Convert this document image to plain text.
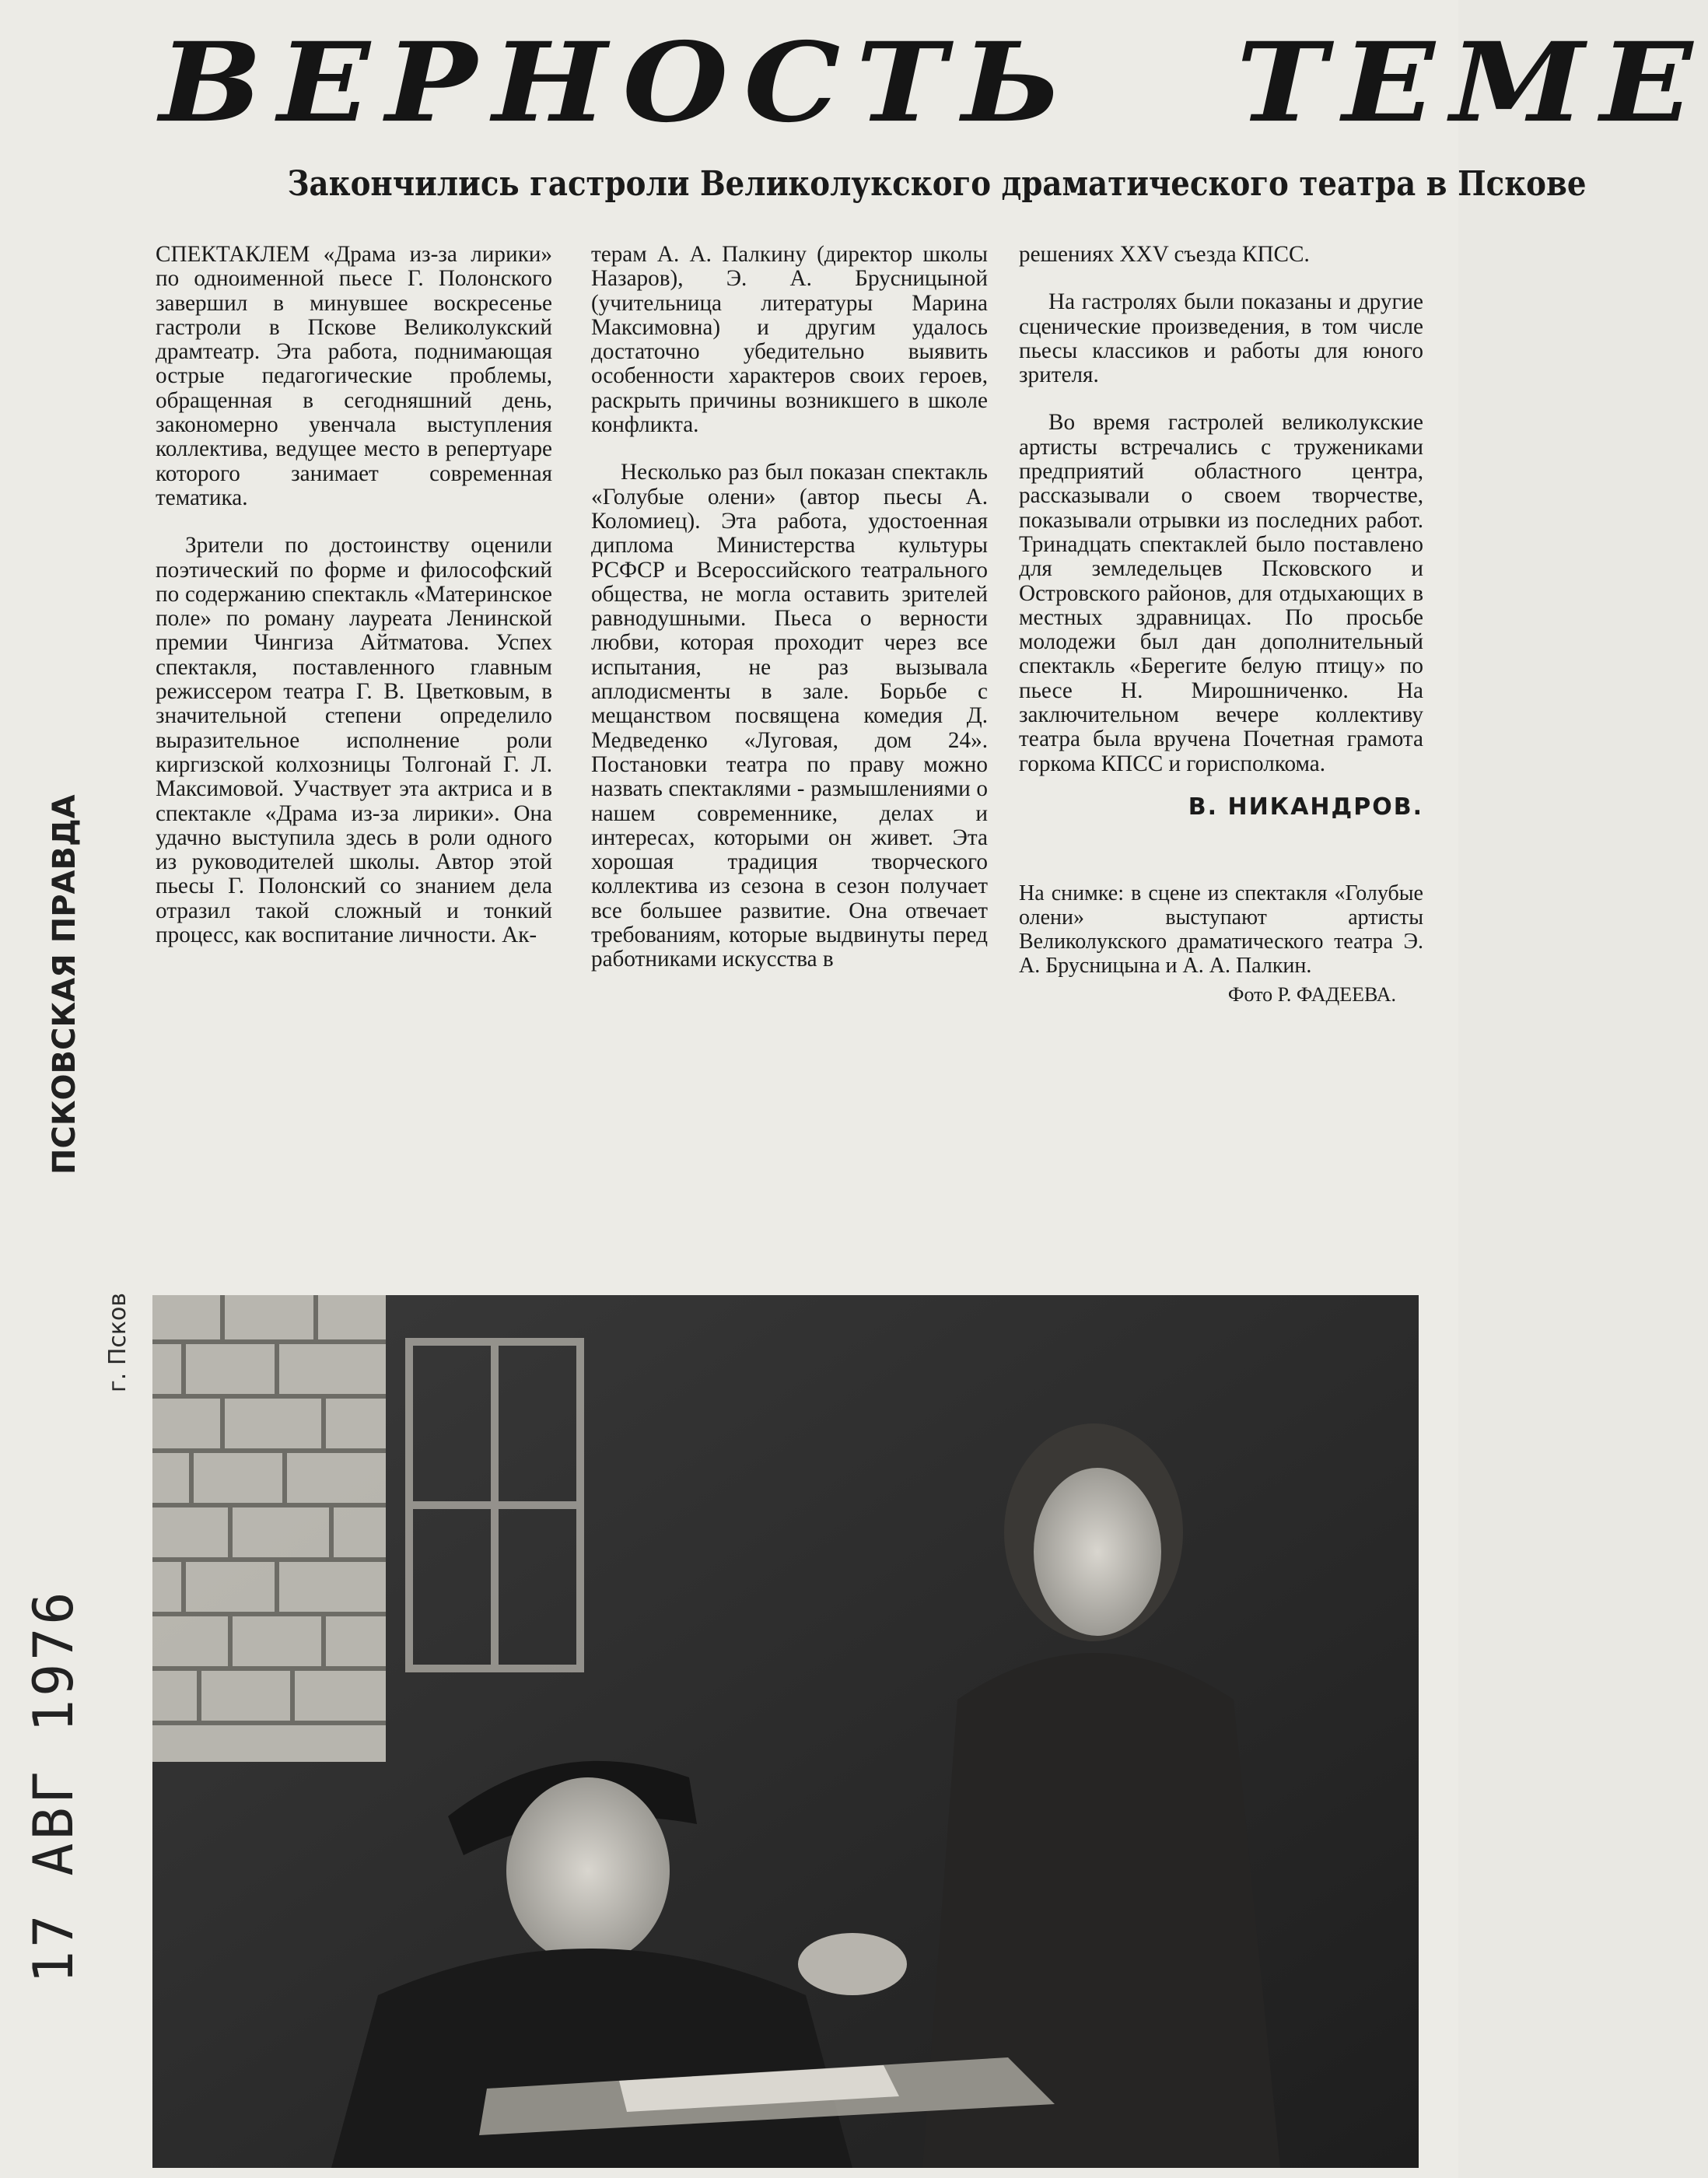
ВЕРНОСТЬ ТЕМЕ
Закончились гастроли Великолукского драматического театра в Пскове

СПЕКТАКЛЕМ «Драма из-за лирики» по одноименной пьесе Г. Полонского завершил в минувшее воскресенье гастроли в Пскове Великолукский драмтеатр. Эта работа, поднимающая острые педагогические проблемы, обращенная в сегодняшний день, закономерно увенчала выступления коллектива, ведущее место в репертуаре которого занимает современная тематика.

Зрители по достоинству оценили поэтический по форме и философский по содержанию спектакль «Материнское поле» по роману лауреата Ленинской премии Чингиза Айтматова. Успех спектакля, поставленного главным режиссером театра Г. В. Цветковым, в значительной степени определило выразительное исполнение роли киргизской колхозницы Толгонай Г. Л. Максимовой. Участвует эта актриса и в спектакле «Драма из-за лирики». Она удачно выступила здесь в роли одного из руководителей школы. Автор этой пьесы Г. Полонский со знанием дела отразил такой сложный и тонкий процесс, как воспитание личности. Ак-

терам А. А. Палкину (директор школы Назаров), Э. А. Брусницыной (учительница литературы Марина Максимовна) и другим удалось достаточно убедительно выявить особенности характеров своих героев, раскрыть причины возникшего в школе конфликта.

Несколько раз был показан спектакль «Голубые олени» (автор пьесы А. Коломиец). Эта работа, удостоенная диплома Министерства культуры РСФСР и Всероссийского театрального общества, не могла оставить зрителей равнодушными. Пьеса о верности любви, которая проходит через все испытания, не раз вызывала аплодисменты в зале. Борьбе с мещанством посвящена комедия Д. Медведенко «Луговая, дом 24». Постановки театра по праву можно назвать спектаклями - размышлениями о нашем современнике, делах и интересах, которыми он живет. Эта хорошая традиция творческого коллектива из сезона в сезон получает все большее развитие. Она отвечает требованиям, которые выдвинуты перед работниками искусства в

решениях XXV съезда КПСС.

На гастролях были показаны и другие сценические произведения, в том числе пьесы классиков и работы для юного зрителя.

Во время гастролей великолукские артисты встречались с тружениками предприятий областного центра, рассказывали о своем творчестве, показывали отрывки из последних работ. Тринадцать спектаклей было поставлено для земледельцев Псковского и Островского районов, для отдыхающих в местных здравницах. По просьбе молодежи был дан дополнительный спектакль «Берегите белую птицу» по пьесе Н. Мирошниченко. На заключительном вечере коллективу театра была вручена Почетная грамота горкома КПСС и горисполкома.

В. НИКАНДРОВ.
На снимке: в сцене из спектакля «Голубые олени» выступают артисты Великолукского драматического театра Э. А. Брусницына и А. А. Палкин.
Фото Р. ФАДЕЕВА.
ПСКОВСКАЯ ПРАВДА
г. Псков
17 АВГ 1976
